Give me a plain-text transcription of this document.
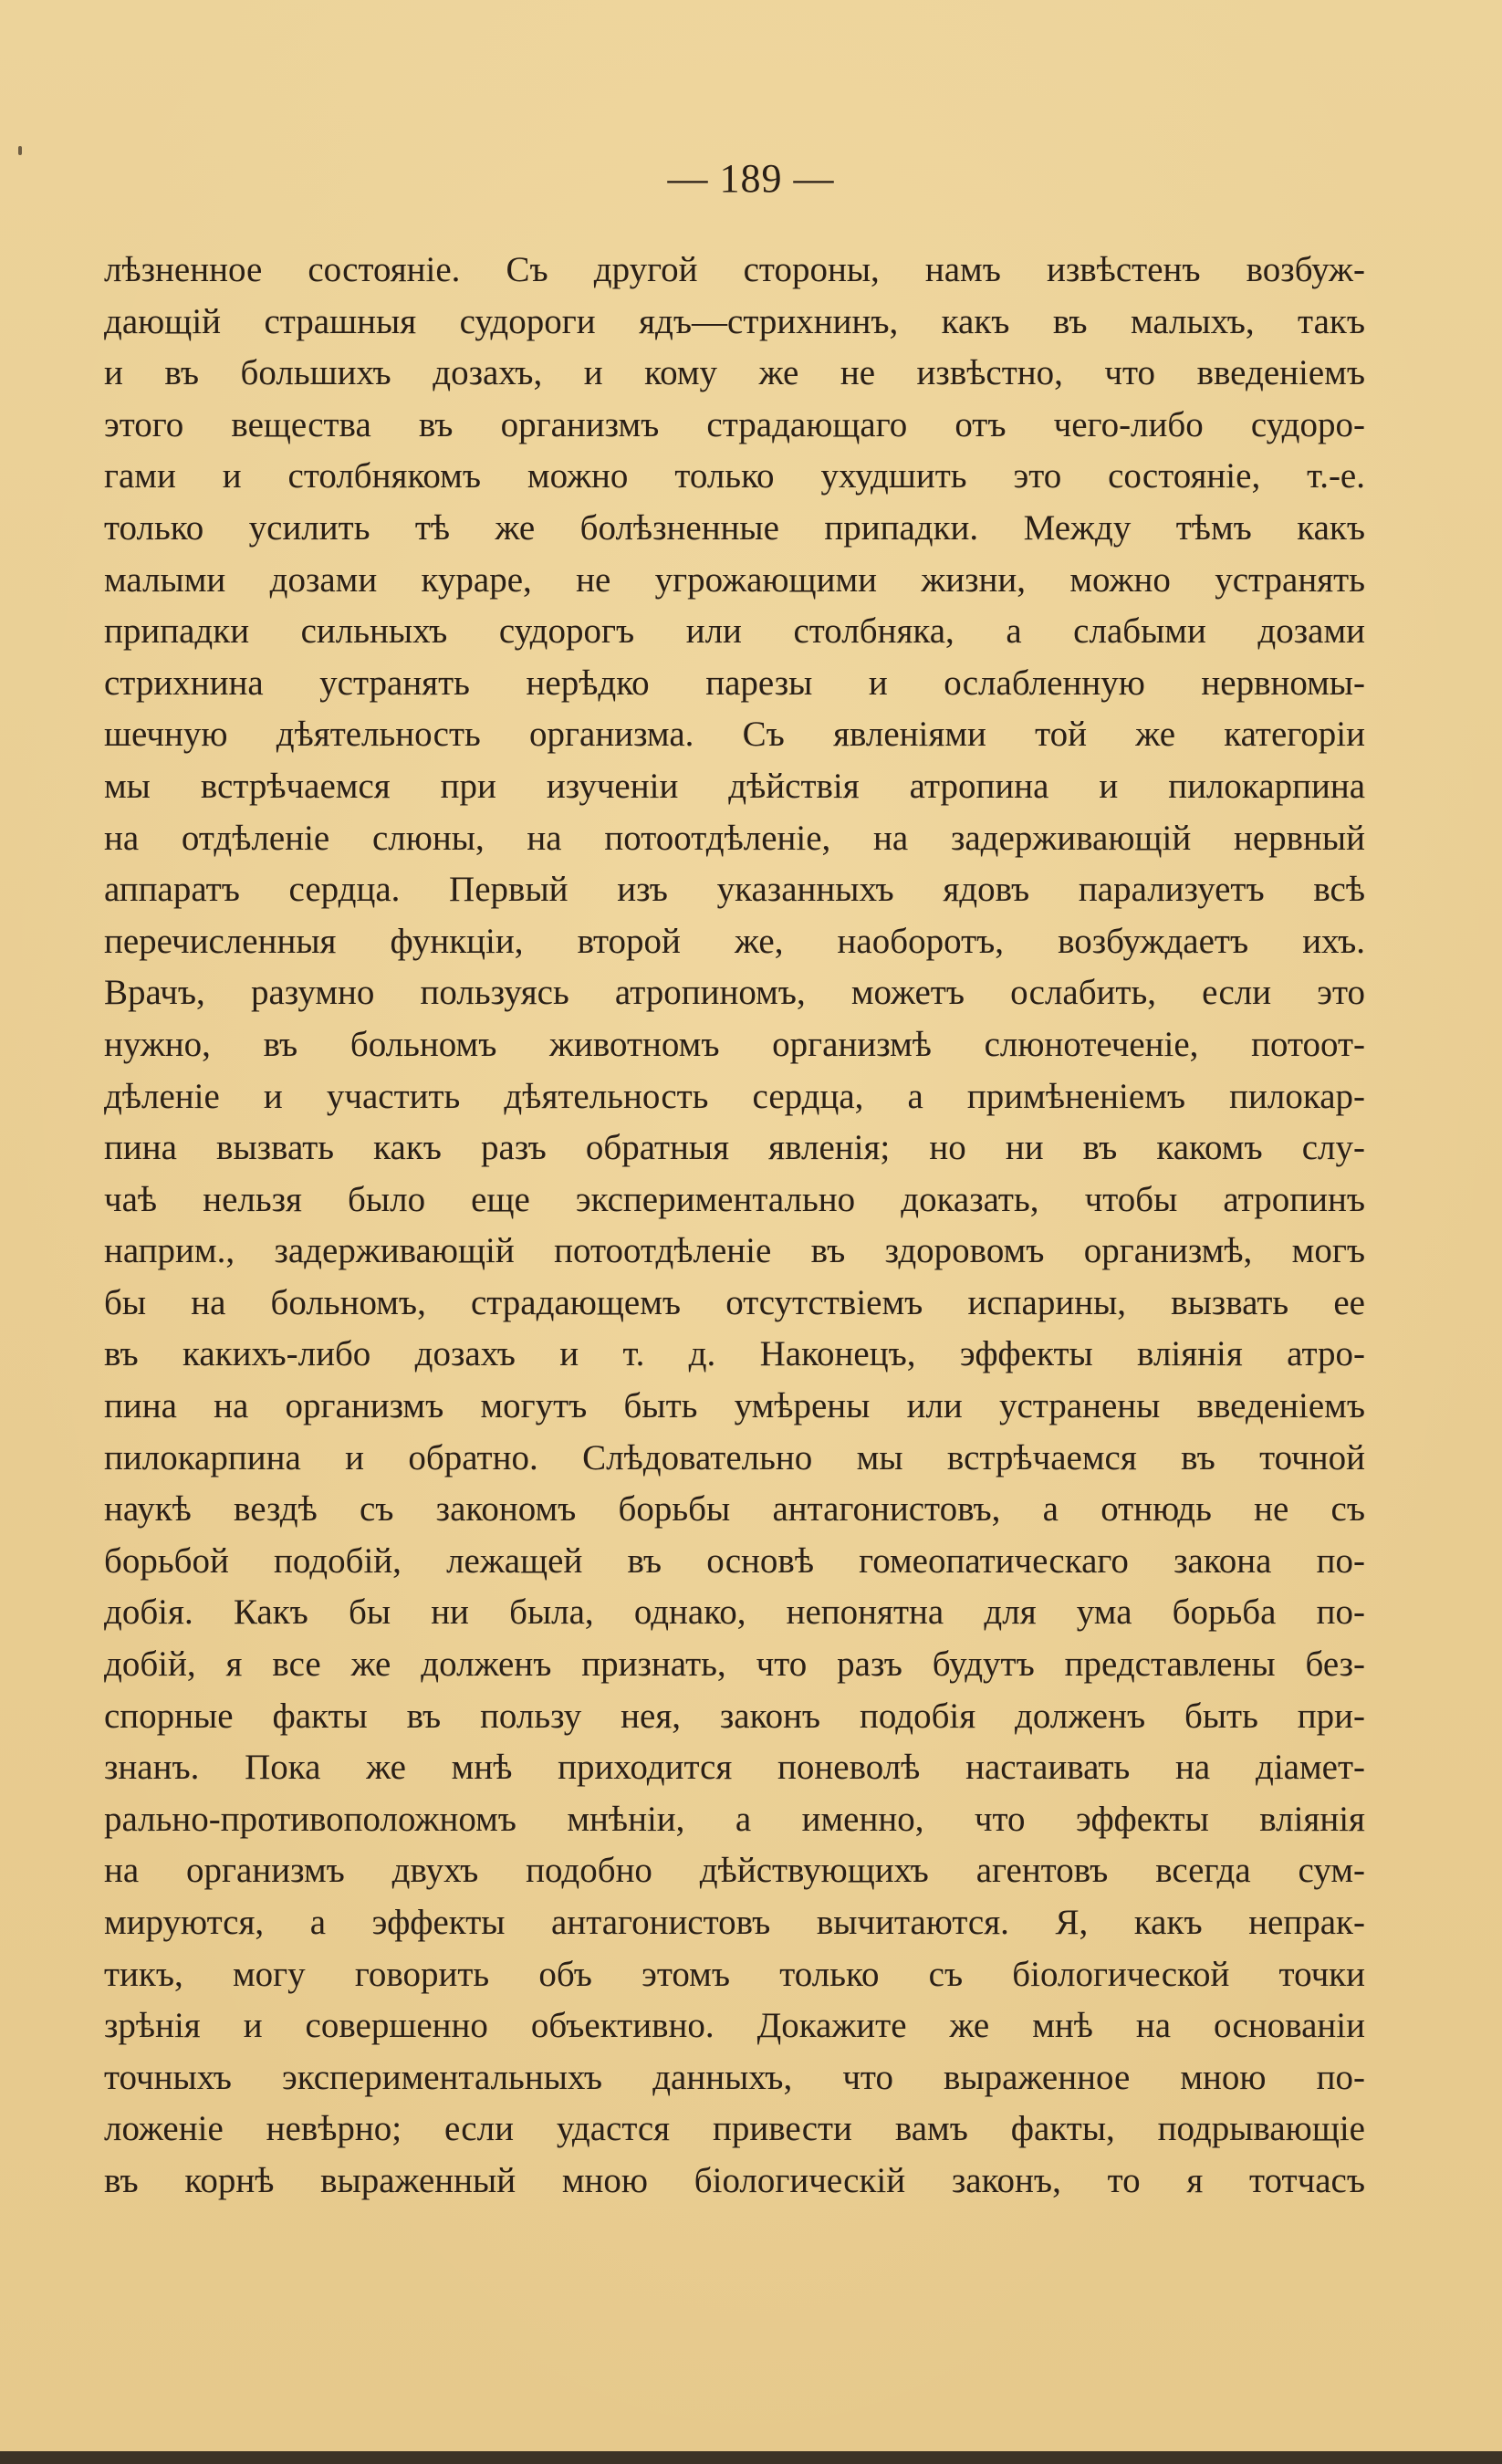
— 189 —
лѣзненное состояніе. Съ другой стороны, намъ извѣстенъ возбуж-
дающій страшныя судороги ядъ—стрихнинъ, какъ въ малыхъ, такъ
и въ большихъ дозахъ, и кому же не извѣстно, что введеніемъ
этого вещества въ организмъ страдающаго отъ чего-либо судоро-
гами и столбнякомъ можно только ухудшить это состояніе, т.-е.
только усилить тѣ же болѣзненные припадки. Между тѣмъ какъ
малыми дозами кураре, не угрожающими жизни, можно устранять
припадки сильныхъ судорогъ или столбняка, а слабыми дозами
стрихнина устранять нерѣдко парезы и ослабленную нервномы-
шечную дѣятельность организма. Съ явленіями той же категоріи
мы встрѣчаемся при изученіи дѣйствія атропина и пилокарпина
на отдѣленіе слюны, на потоотдѣленіе, на задерживающій нервный
аппаратъ сердца. Первый изъ указанныхъ ядовъ парализуетъ всѣ
перечисленныя функціи, второй же, наоборотъ, возбуждаетъ ихъ.
Врачъ, разумно пользуясь атропиномъ, можетъ ослабить, если это
нужно, въ больномъ животномъ организмѣ слюнотеченіе, потоот-
дѣленіе и участить дѣятельность сердца, а примѣненіемъ пилокар-
пина вызвать какъ разъ обратныя явленія; но ни въ какомъ слу-
чаѣ нельзя было еще экспериментально доказать, чтобы атропинъ
наприм., задерживающій потоотдѣленіе въ здоровомъ организмѣ, могъ
бы на больномъ, страдающемъ отсутствіемъ испарины, вызвать ее
въ какихъ-либо дозахъ и т. д. Наконецъ, эффекты вліянія атро-
пина на организмъ могутъ быть умѣрены или устранены введеніемъ
пилокарпина и обратно. Слѣдовательно мы встрѣчаемся въ точной
наукѣ вездѣ съ закономъ борьбы антагонистовъ, а отнюдь не съ
борьбой подобій, лежащей въ основѣ гомеопатическаго закона по-
добія. Какъ бы ни была, однако, непонятна для ума борьба по-
добій, я все же долженъ признать, что разъ будутъ представлены без-
спорные факты въ пользу нея, законъ подобія долженъ быть при-
знанъ. Пока же мнѣ приходится поневолѣ настаивать на діамет-
рально-противоположномъ мнѣніи, а именно, что эффекты вліянія
на организмъ двухъ подобно дѣйствующихъ агентовъ всегда сум-
мируются, а эффекты антагонистовъ вычитаются. Я, какъ непрак-
тикъ, могу говорить объ этомъ только съ біологической точки
зрѣнія и совершенно объективно. Докажите же мнѣ на основаніи
точныхъ экспериментальныхъ данныхъ, что выраженное мною по-
ложеніе невѣрно; если удастся привести вамъ факты, подрывающіе
въ корнѣ выраженный мною біологическій законъ, то я тотчасъ
